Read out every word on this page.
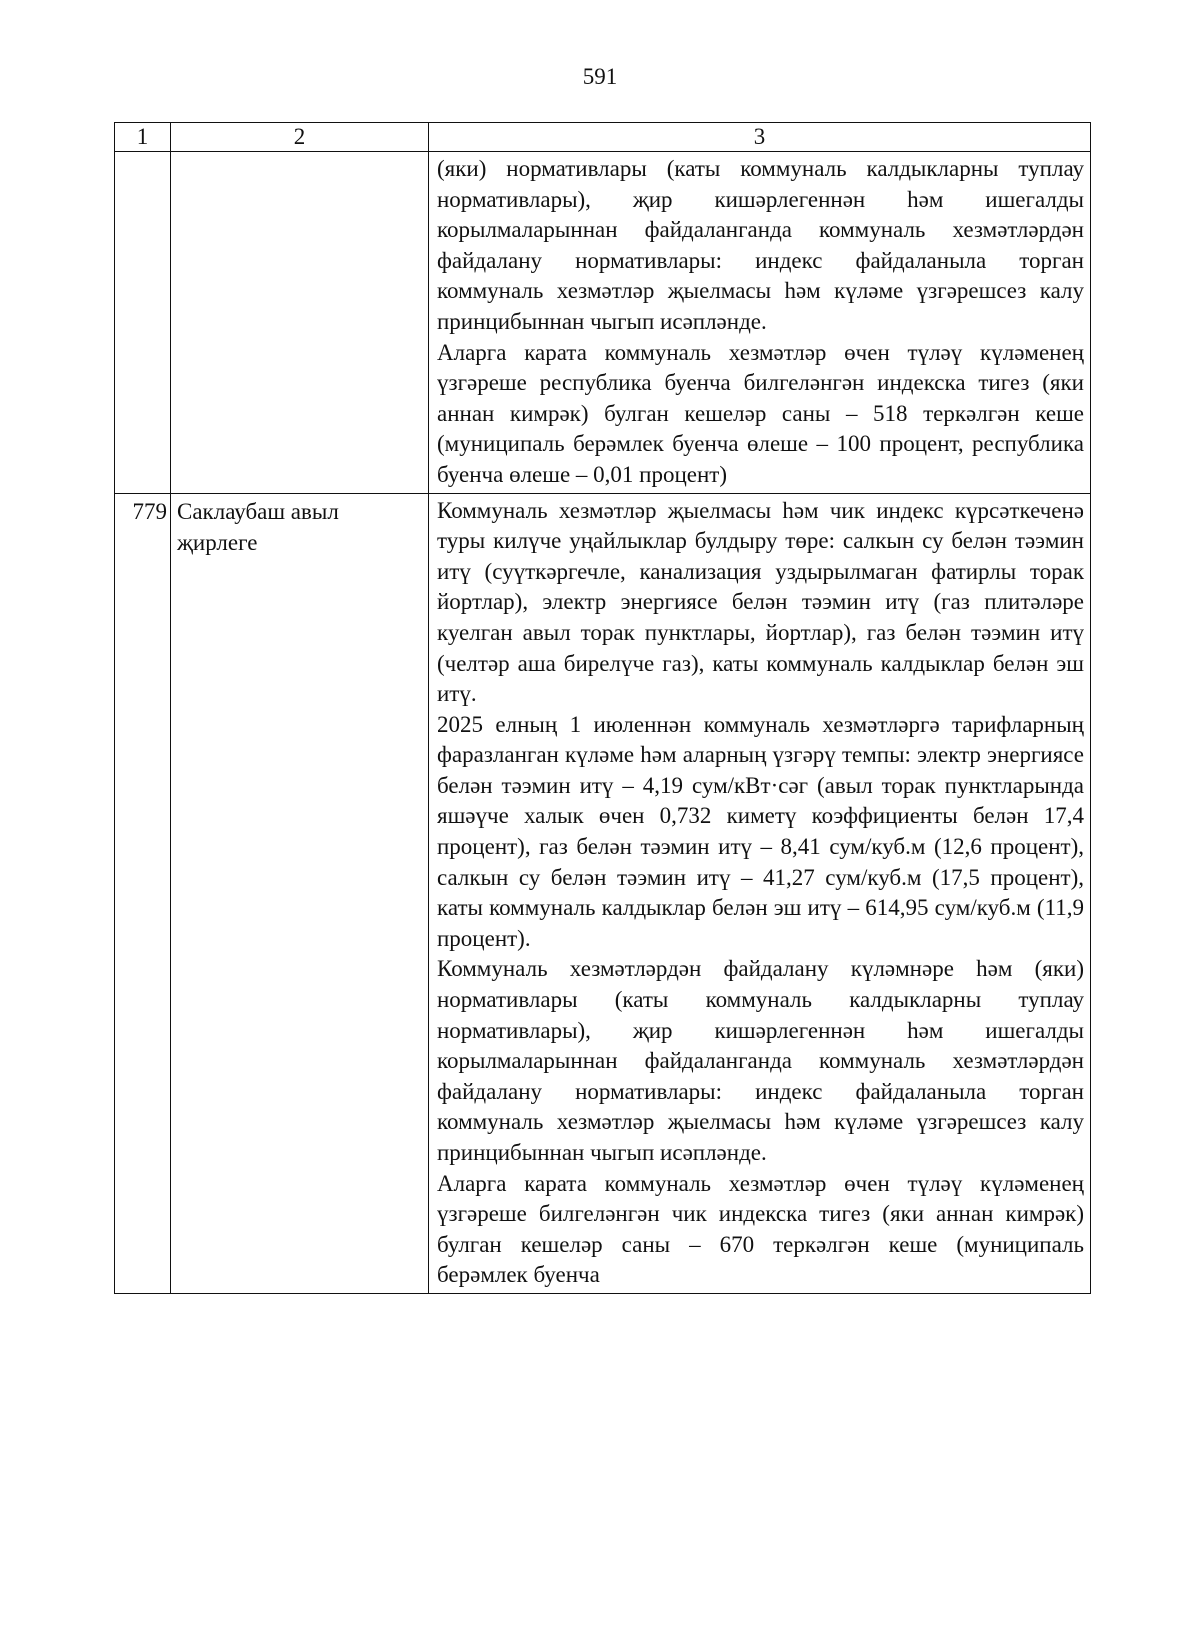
591
1	2	3

		(яки) нормативлары (каты коммуналь калдыкларны туплау нормативлары), җир кишәрлегеннән һәм ишегалды корылмаларыннан файдаланганда коммуналь хезмәтләрдән файдалану нормативлары: индекс файдаланыла торган коммуналь хезмәтләр җыелмасы һәм күләме үзгәрешсез калу принцибыннан чыгып исәпләнде.

Аларга карата коммуналь хезмәтләр өчен түләү күләменең үзгәреше республика буенча билгеләнгән индекска тигез (яки аннан кимрәк) булган кешеләр саны – 518 теркәлгән кеше (муниципаль берәмлек буенча өлеше – 100 процент, республика буенча өлеше – 0,01 процент)

779	Саклаубаш авыл җирлеге	Коммуналь хезмәтләр җыелмасы һәм чик индекс күрсәткеченә туры килүче уңайлыклар булдыру төре: салкын су белән тәэмин итү (суүткәргечле, канализация уздырылмаган фатирлы торак йортлар), электр энергиясе белән тәэмин итү (газ плитәләре куелган авыл торак пунктлары, йортлар), газ белән тәэмин итү (челтәр аша бирелүче газ), каты коммуналь калдыклар белән эш итү.

2025 елның 1 июленнән коммуналь хезмәтләргә тарифларның фаразланган күләме һәм аларның үзгәрү темпы: электр энергиясе белән тәэмин итү – 4,19 сум/кВт·сәг (авыл торак пунктларында яшәүче халык өчен 0,732 киметү коэффициенты белән 17,4 процент), газ белән тәэмин итү – 8,41 сум/куб.м (12,6 процент), салкын су белән тәэмин итү – 41,27 сум/куб.м (17,5 процент), каты коммуналь калдыклар белән эш итү – 614,95 сум/куб.м (11,9 процент).

Коммуналь хезмәтләрдән файдалану күләмнәре һәм (яки) нормативлары (каты коммуналь калдыкларны туплау нормативлары), җир кишәрлегеннән һәм ишегалды корылмаларыннан файдаланганда коммуналь хезмәтләрдән файдалану нормативлары: индекс файдаланыла торган коммуналь хезмәтләр җыелмасы һәм күләме үзгәрешсез калу принцибыннан чыгып исәпләнде.

Аларга карата коммуналь хезмәтләр өчен түләү күләменең үзгәреше билгеләнгән чик индекска тигез (яки аннан кимрәк) булган кешеләр саны – 670 теркәлгән кеше (муниципаль берәмлек буенча
